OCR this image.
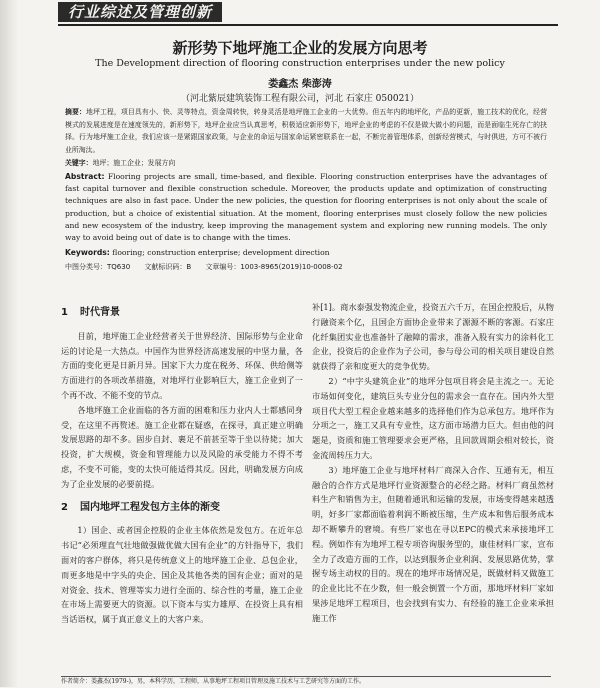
行业综述及管理创新
新形势下地坪施工企业的发展方向思考
The Development direction of flooring construction enterprises under the new policy
娄鑫杰 柴澎涛
（河北紫辰建筑装饰工程有限公司，河北 石家庄 050021）
摘要：地坪工程，项目具有小、快、灵等特点，资金周转快，转身灵活是地坪施工企业的一大优势。但五年内的地坪化，产品的更新，施工技术的优化，经营模式的发展进度是在速度领先的，新形势下，地坪企业应当认真思考，积极适应新形势下，地坪企业的考虑的不仅是做大做小的问题，而是面临生死存亡的抉择。行为地坪施工企业，我们应该一是紧跟国家政策，与企业的命运与国家命运紧密联系在一起，不断完善管理体系，创新经营模式，与时俱进，方可不被行业所淘汰。
关键字：地坪；施工企业；发展方向
Abstract: Flooring projects are small, time-based, and flexible. Flooring construction enterprises have the advantages of fast capital turnover and flexible construction schedule. Moreover, the products update and optimization of constructing techniques are also in fast pace. Under the new policies, the question for flooring enterprises is not only about the scale of production, but a choice of existential situation. At the moment, flooring enterprises must closely follow the new policies and new ecosystem of the industry, keep improving the management system and exploring new running models. The only way to avoid being out of date is to change with the times.
Keywords: flooring; construction enterprise; development direction
中图分类号：TQ630 文献标识码：B 文章编号：1003-8965(2019)10-0008-02
1 时代背景

目前，地坪施工企业经营者关于世界经济、国际形势与企业命运的讨论是一大热点。中国作为世界经济高速发展的中坚力量，各方面的变化更是日新月异。国家下大力度在税务、环保、供给侧等方面进行的各项改革措施，对地坪行业影响巨大，施工企业到了一个再不改、不能不变的节点。

各地坪施工企业面临的各方面的困难和压力业内人士都感同身受，在这里不再赘述。施工企业都在疑惑，在探寻，真正建立明确发展思路的却不多。固步自封、裹足不前甚至等于坐以待毙；加大投资，扩大规模，资金和管理能力以及风险的承受能力不得不考虑，不变不可能，变的太快可能适得其反。因此，明确发展方向成为了企业发展的必要前提。

2 国内地坪工程发包方主体的渐变

1）国企、或者国企控股的企业主体依然是发包方。在近年总书记“必须理直气壮地做强做优做大国有企业”的方针指导下，我们面对的客户群体，将只是传统意义上的地坪施工企业、总包企业，而更多地是中字头的央企、国企及其他各类的国有企业；面对的是对资金、技术、管理等实力进行全面的、综合性的考量，施工企业在市场上需要更大的资源。以下资本与实力雄厚、在投资上具有相当话语权，属于真正意义上的大客户来。

补[1]。商水泰强发物流企业，投资五六千万，在国企控股后，从物行融资来个亿，且国企方面协企业带来了源源不断的客源。石家庄化纤集团实业也准备针了融障的需求，准备入股有实力的涂料化工企业，投资后的企业作为子公司，参与母公司的相关项目建设自然就获得了亲和度更大的竞争优势。

2）“中字头建筑企业”的地坪分包项目将会是主流之一。无论市场如何变化，建筑巨头专业分包的需求会一直存在。国内外大型项目代大型工程企业越来越多的选择他们作为总承包方。地坪作为分项之一，施工又具有专业性，这方面市场潜力巨大。但由他的问题是，资质和施工管理要求会更严格，且回款周期会相对较长，资金流周转压力大。

3）地坪施工企业与地坪材料厂商深入合作、互通有无，相互融合的合作方式是地坪行业资源整合的必经之路。材料厂商虽然材料生产和销售为主，但随着通讯和运输的发展，市场变得越来越透明，好多厂家都面临着利润不断被压缩，生产成本和售后服务成本却不断攀升的窘境。有些厂家也在寻以EPC的模式来承接地坪工程。例如作有为地坪工程专项咨询服务型的，康佳材料厂家，宣布全力了改造方面的工作，以达到服务企业利润、发展思路优势，掌握专场主动权的目的。现在的地坪市场情况是，既做材料又做施工的企业比比不在少数，但一般会倒置一个方面，那地坪材料厂家如果涉足地坪工程项目，也会找到有实力、有经验的施工企业来承担施工作

作者简介：娄鑫杰(1979-)，男，本科学历，工程师，从事地坪工程项目管理及施工技术与工艺研究等方面的工作。
